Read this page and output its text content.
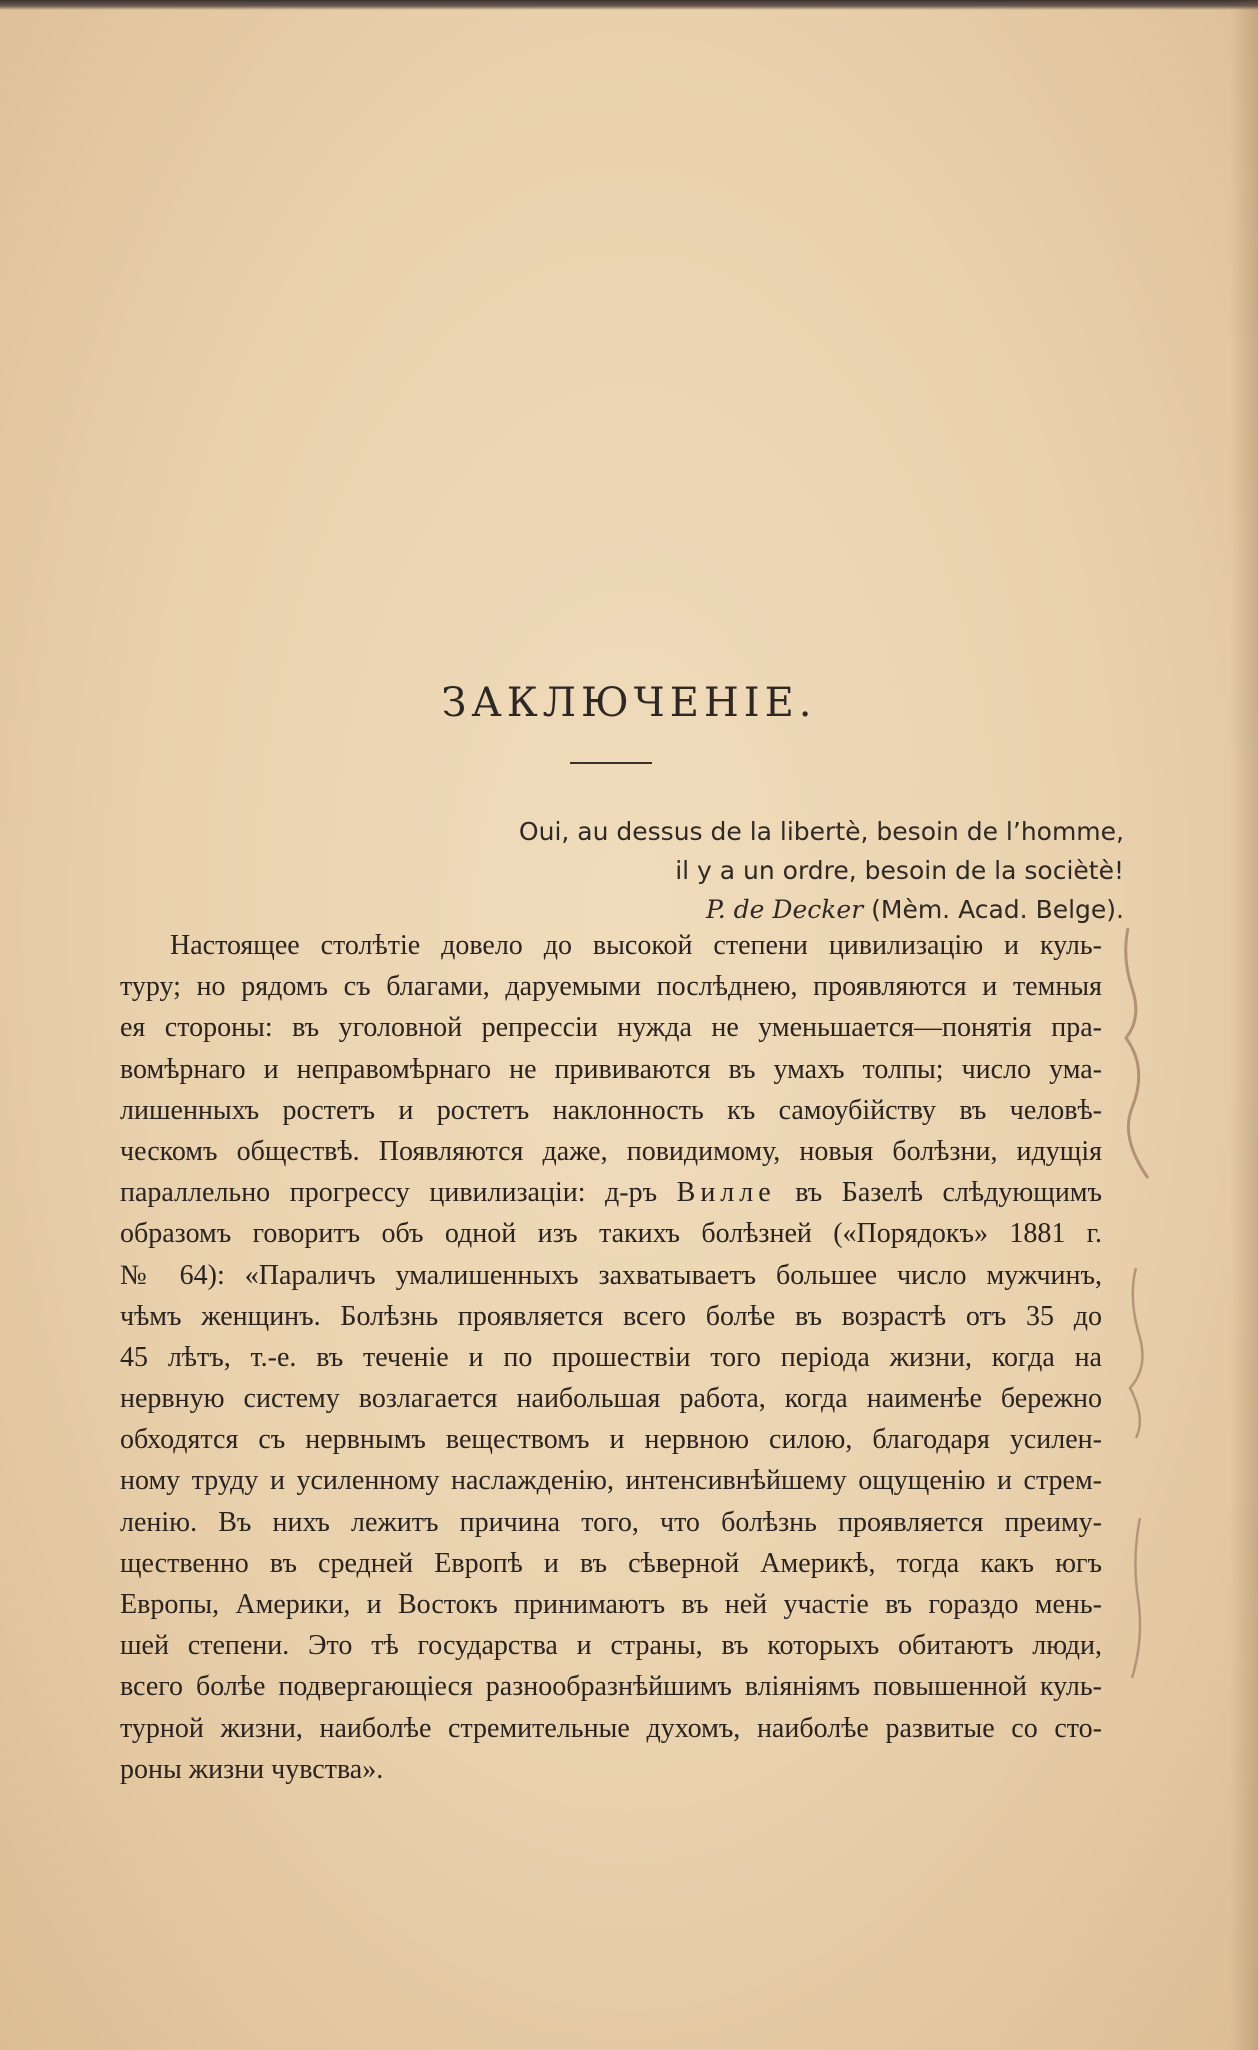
ЗАКЛЮЧЕНІЕ.
Oui, au dessus de la libertè, besoin de l’homme,
il y a un ordre, besoin de la sociètè!
P. de Decker (Mèm. Acad. Belge).
Настоящее столѣтіе довело до высокой степени цивилизацію и куль-
туру; но рядомъ съ благами, даруемыми послѣднею, проявляются и темныя
ея стороны: въ уголовной репрессіи нужда не уменьшается—понятія пра-
вомѣрнаго и неправомѣрнаго не прививаются въ умахъ толпы; число ума-
лишенныхъ ростетъ и ростетъ наклонность къ самоубійству въ человѣ-
ческомъ обществѣ. Появляются даже, повидимому, новыя болѣзни, идущія
параллельно прогрессу цивилизаціи: д-ръ Вилле въ Базелѣ слѣдующимъ
образомъ говоритъ объ одной изъ такихъ болѣзней («Порядокъ» 1881 г.
№ 64): «Параличъ умалишенныхъ захватываетъ большее число мужчинъ,
чѣмъ женщинъ. Болѣзнь проявляется всего болѣе въ возрастѣ отъ 35 до
45 лѣтъ, т.-е. въ теченіе и по прошествіи того періода жизни, когда на
нервную систему возлагается наибольшая работа, когда наименѣе бережно
обходятся съ нервнымъ веществомъ и нервною силою, благодаря усилен-
ному труду и усиленному наслажденію, интенсивнѣйшему ощущенію и стрем-
ленію. Въ нихъ лежитъ причина того, что болѣзнь проявляется преиму-
щественно въ средней Европѣ и въ сѣверной Америкѣ, тогда какъ югъ
Европы, Америки, и Востокъ принимаютъ въ ней участіе въ гораздо мень-
шей степени. Это тѣ государства и страны, въ которыхъ обитаютъ люди,
всего болѣе подвергающіеся разнообразнѣйшимъ вліяніямъ повышенной куль-
турной жизни, наиболѣе стремительные духомъ, наиболѣе развитые со сто-
роны жизни чувства».
